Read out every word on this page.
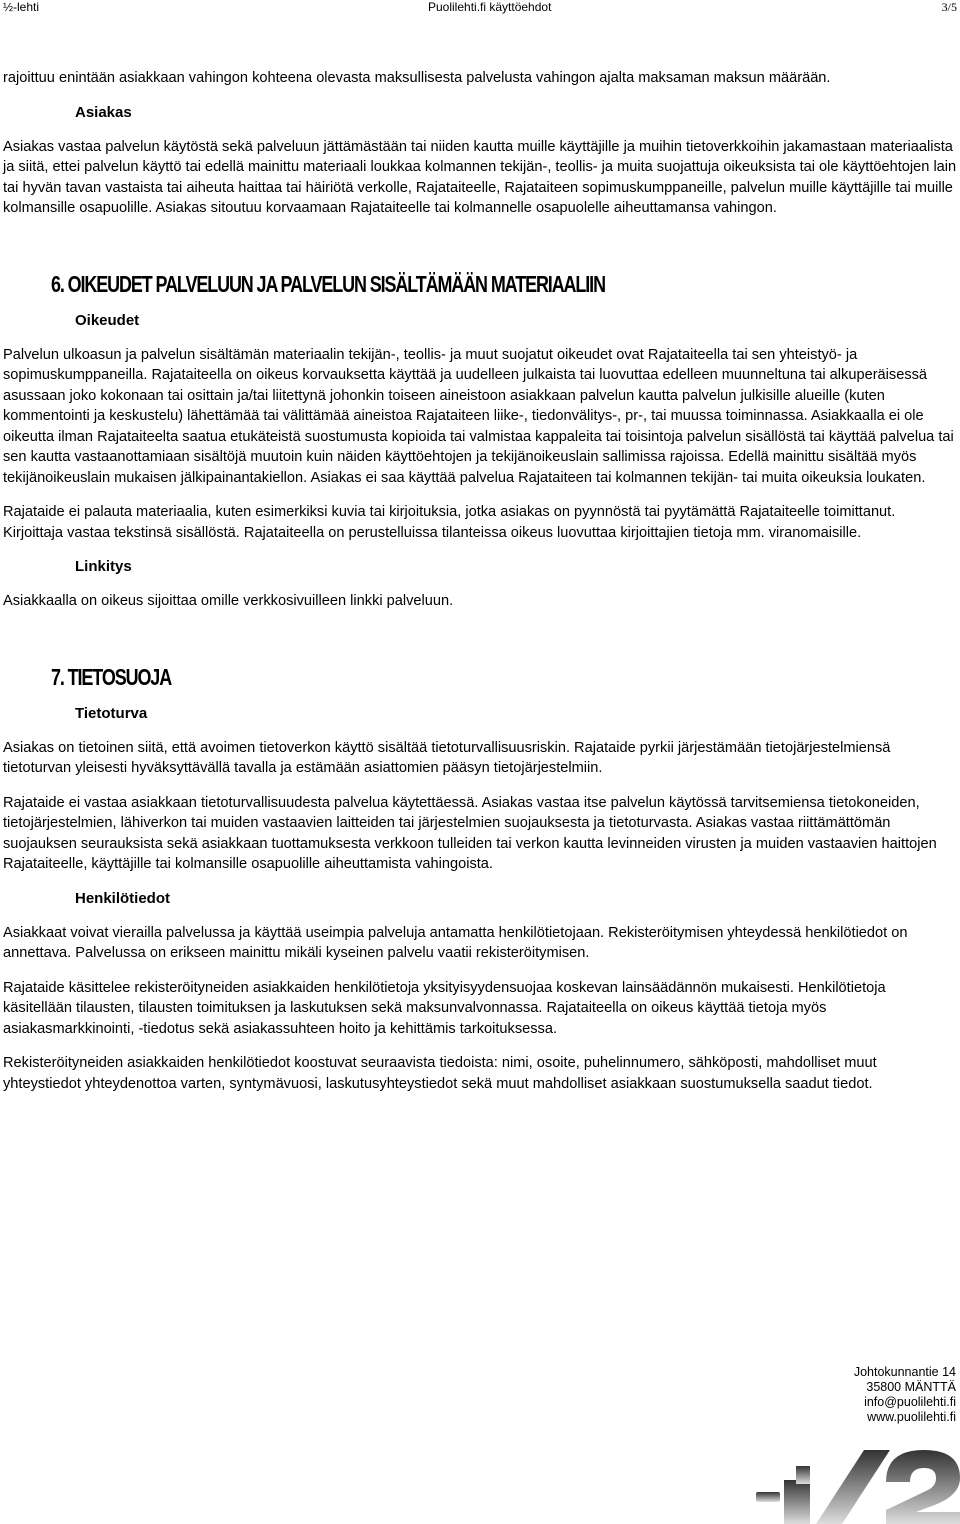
½-lehti	Puolilehti.fi käyttöehdot	3/5

rajoittuu enintään asiakkaan vahingon kohteena olevasta maksullisesta palvelusta vahingon ajalta maksaman maksun määrään.

Asiakas

Asiakas vastaa palvelun käytöstä sekä palveluun jättämästään tai niiden kautta muille käyttäjille ja muihin tietoverkkoihin jakamastaan materiaalista ja siitä, ettei palvelun käyttö tai edellä mainittu materiaali loukkaa kolmannen tekijän-, teollis- ja muita suojattuja oikeuksista tai ole käyttöehtojen lain tai hyvän tavan vastaista tai aiheuta haittaa tai häiriötä verkolle, Rajataiteelle, Rajataiteen sopimuskumppaneille, palvelun muille käyttäjille tai muille kolmansille osapuolille. Asiakas sitoutuu korvaamaan Rajataiteelle tai kolmannelle osapuolelle aiheuttamansa vahingon.

6. OIKEUDET PALVELUUN JA PALVELUN SISÄLTÄMÄÄN MATERIAALIIN
Oikeudet

Palvelun ulkoasun ja palvelun sisältämän materiaalin tekijän-, teollis- ja muut suojatut oikeudet ovat Rajataiteella tai sen yhteistyö- ja sopimuskumppaneilla. Rajataiteella on oikeus korvauksetta käyttää ja uudelleen julkaista tai luovuttaa edelleen muunneltuna tai alkuperäisessä asussaan joko kokonaan tai osittain ja/tai liitettynä johonkin toiseen aineistoon asiakkaan palvelun kautta palvelun julkisille alueille (kuten kommentointi ja keskustelu) lähettämää tai välittämää aineistoa Rajataiteen liike-, tiedonvälitys-, pr-, tai muussa toiminnassa. Asiakkaalla ei ole oikeutta ilman Rajataiteelta saatua etukäteistä suostumusta kopioida tai valmistaa kappaleita tai toisintoja palvelun sisällöstä tai käyttää palvelua tai sen kautta vastaanottamiaan sisältöjä muutoin kuin näiden käyttöehtojen ja tekijänoikeuslain sallimissa rajoissa. Edellä mainittu sisältää myös tekijänoikeuslain mukaisen jälkipainantakiellon. Asiakas ei saa käyttää palvelua Rajataiteen tai kolmannen tekijän- tai muita oikeuksia loukaten.

Rajataide ei palauta materiaalia, kuten esimerkiksi kuvia tai kirjoituksia, jotka asiakas on pyynnöstä tai pyytämättä Rajataiteelle toimittanut. Kirjoittaja vastaa tekstinsä sisällöstä. Rajataiteella on perustelluissa tilanteissa oikeus luovuttaa kirjoittajien tietoja mm. viranomaisille.

Linkitys

Asiakkaalla on oikeus sijoittaa omille verkkosivuilleen linkki palveluun.

7. TIETOSUOJA
Tietoturva

Asiakas on tietoinen siitä, että avoimen tietoverkon käyttö sisältää tietoturvallisuusriskin. Rajataide pyrkii järjestämään tietojärjestelmiensä tietoturvan yleisesti hyväksyttävällä tavalla ja estämään asiattomien pääsyn tietojärjestelmiin.

Rajataide ei vastaa asiakkaan tietoturvallisuudesta palvelua käytettäessä. Asiakas vastaa itse palvelun käytössä tarvitsemiensa tietokoneiden, tietojärjestelmien, lähiverkon tai muiden vastaavien laitteiden tai järjestelmien suojauksesta ja tietoturvasta. Asiakas vastaa riittämättömän suojauksen seurauksista sekä asiakkaan tuottamuksesta verkkoon tulleiden tai verkon kautta levinneiden virusten ja muiden vastaavien haittojen Rajataiteelle, käyttäjille tai kolmansille osapuolille aiheuttamista vahingoista.

Henkilötiedot

Asiakkaat voivat vierailla palvelussa ja käyttää useimpia palveluja antamatta henkilötietojaan. Rekisteröitymisen yhteydessä henkilötiedot on annettava. Palvelussa on erikseen mainittu mikäli kyseinen palvelu vaatii rekisteröitymisen.

Rajataide käsittelee rekisteröityneiden asiakkaiden henkilötietoja yksityisyydensuojaa koskevan lainsäädännön mukaisesti. Henkilötietoja käsitellään tilausten, tilausten toimituksen ja laskutuksen sekä maksunvalvonnassa. Rajataiteella on oikeus käyttää tietoja myös asiakasmarkkinointi, -tiedotus sekä asiakassuhteen hoito ja kehittämis tarkoituksessa.

Rekisteröityneiden asiakkaiden henkilötiedot koostuvat seuraavista tiedoista: nimi, osoite, puhelinnumero, sähköposti, mahdolliset muut yhteystiedot yhteydenottoa varten, syntymävuosi, laskutusyhteystiedot sekä muut mahdolliset asiakkaan suostumuksella saadut tiedot.

Johtokunnantie 14
35800 MÄNTTÄ
info@puolilehti.fi
www.puolilehti.fi
